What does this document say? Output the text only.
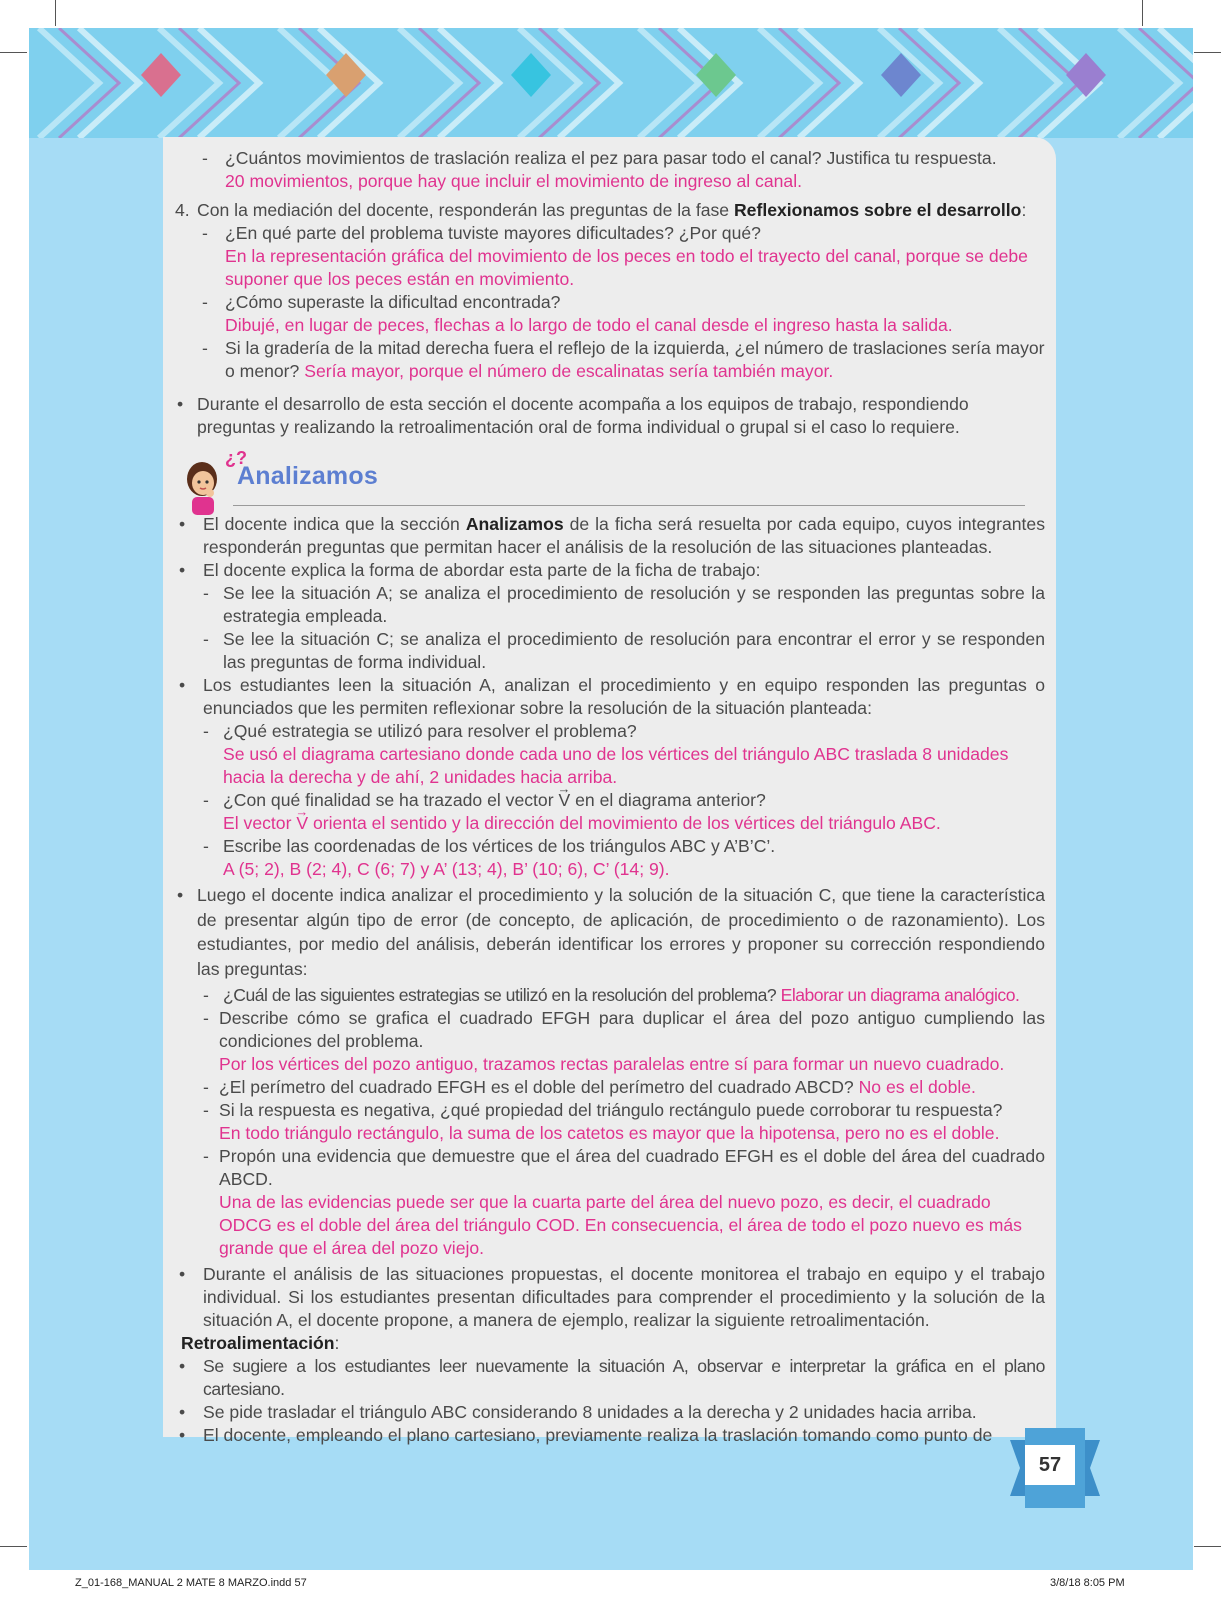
- ¿Cuántos movimientos de traslación realiza el pez para pasar todo el canal? Justifica tu respuesta.
20 movimientos, porque hay que incluir el movimiento de ingreso al canal.
4. Con la mediación del docente, responderán las preguntas de la fase Reflexionamos sobre el desarrollo:
- ¿En qué parte del problema tuviste mayores dificultades? ¿Por qué?
En la representación gráfica del movimiento de los peces en todo el trayecto del canal, porque se debe suponer que los peces están en movimiento.
- ¿Cómo superaste la dificultad encontrada?
Dibujé, en lugar de peces, flechas a lo largo de todo el canal desde el ingreso hasta la salida.
- Si la gradería de la mitad derecha fuera el reflejo de la izquierda, ¿el número de traslaciones sería mayor o menor? Sería mayor, porque el número de escalinatas sería también mayor.
• Durante el desarrollo de esta sección el docente acompaña a los equipos de trabajo, respondiendo preguntas y realizando la retroalimentación oral de forma individual o grupal si el caso lo requiere.
¿?
Analizamos
• El docente indica que la sección Analizamos de la ficha será resuelta por cada equipo, cuyos integrantes responderán preguntas que permitan hacer el análisis de la resolución de las situaciones planteadas.
• El docente explica la forma de abordar esta parte de la ficha de trabajo:
- Se lee la situación A; se analiza el procedimiento de resolución y se responden las preguntas sobre la estrategia empleada.
- Se lee la situación C; se analiza el procedimiento de resolución para encontrar el error y se responden las preguntas de forma individual.
• Los estudiantes leen la situación A, analizan el procedimiento y en equipo responden las preguntas o enunciados que les permiten reflexionar sobre la resolución de la situación planteada:
- ¿Qué estrategia se utilizó para resolver el problema?
Se usó el diagrama cartesiano donde cada uno de los vértices del triángulo ABC traslada 8 unidades hacia la derecha y de ahí, 2 unidades hacia arriba.
- ¿Con qué finalidad se ha trazado el vector → V en el diagrama anterior?
El vector → V orienta el sentido y la dirección del movimiento de los vértices del triángulo ABC.
- Escribe las coordenadas de los vértices de los triángulos ABC y A’B’C’.
A (5; 2), B (2; 4), C (6; 7) y A’ (13; 4), B’ (10; 6), C’ (14; 9).
• Luego el docente indica analizar el procedimiento y la solución de la situación C, que tiene la característica de presentar algún tipo de error (de concepto, de aplicación, de procedimiento o de razonamiento). Los estudiantes, por medio del análisis, deberán identificar los errores y proponer su corrección respondiendo las preguntas:
- ¿Cuál de las siguientes estrategias se utilizó en la resolución del problema? Elaborar un diagrama analógico.
- Describe cómo se grafica el cuadrado EFGH para duplicar el área del pozo antiguo cumpliendo las condiciones del problema.
Por los vértices del pozo antiguo, trazamos rectas paralelas entre sí para formar un nuevo cuadrado.
- ¿El perímetro del cuadrado EFGH es el doble del perímetro del cuadrado ABCD? No es el doble.
- Si la respuesta es negativa, ¿qué propiedad del triángulo rectángulo puede corroborar tu respuesta?
En todo triángulo rectángulo, la suma de los catetos es mayor que la hipotensa, pero no es el doble.
- Propón una evidencia que demuestre que el área del cuadrado EFGH es el doble del área del cuadrado ABCD.
Una de las evidencias puede ser que la cuarta parte del área del nuevo pozo, es decir, el cuadrado ODCG es el doble del área del triángulo COD. En consecuencia, el área de todo el pozo nuevo es más grande que el área del pozo viejo.
• Durante el análisis de las situaciones propuestas, el docente monitorea el trabajo en equipo y el trabajo individual. Si los estudiantes presentan dificultades para comprender el procedimiento y la solución de la situación A, el docente propone, a manera de ejemplo, realizar la siguiente retroalimentación.
Retroalimentación:
• Se sugiere a los estudiantes leer nuevamente la situación A, observar e interpretar la gráfica en el plano cartesiano.
• Se pide trasladar el triángulo ABC considerando 8 unidades a la derecha y 2 unidades hacia arriba.
• El docente, empleando el plano cartesiano, previamente realiza la traslación tomando como punto de
57
Z_01-168_MANUAL 2 MATE 8 MARZO.indd 57	3/8/18 8:05 PM
